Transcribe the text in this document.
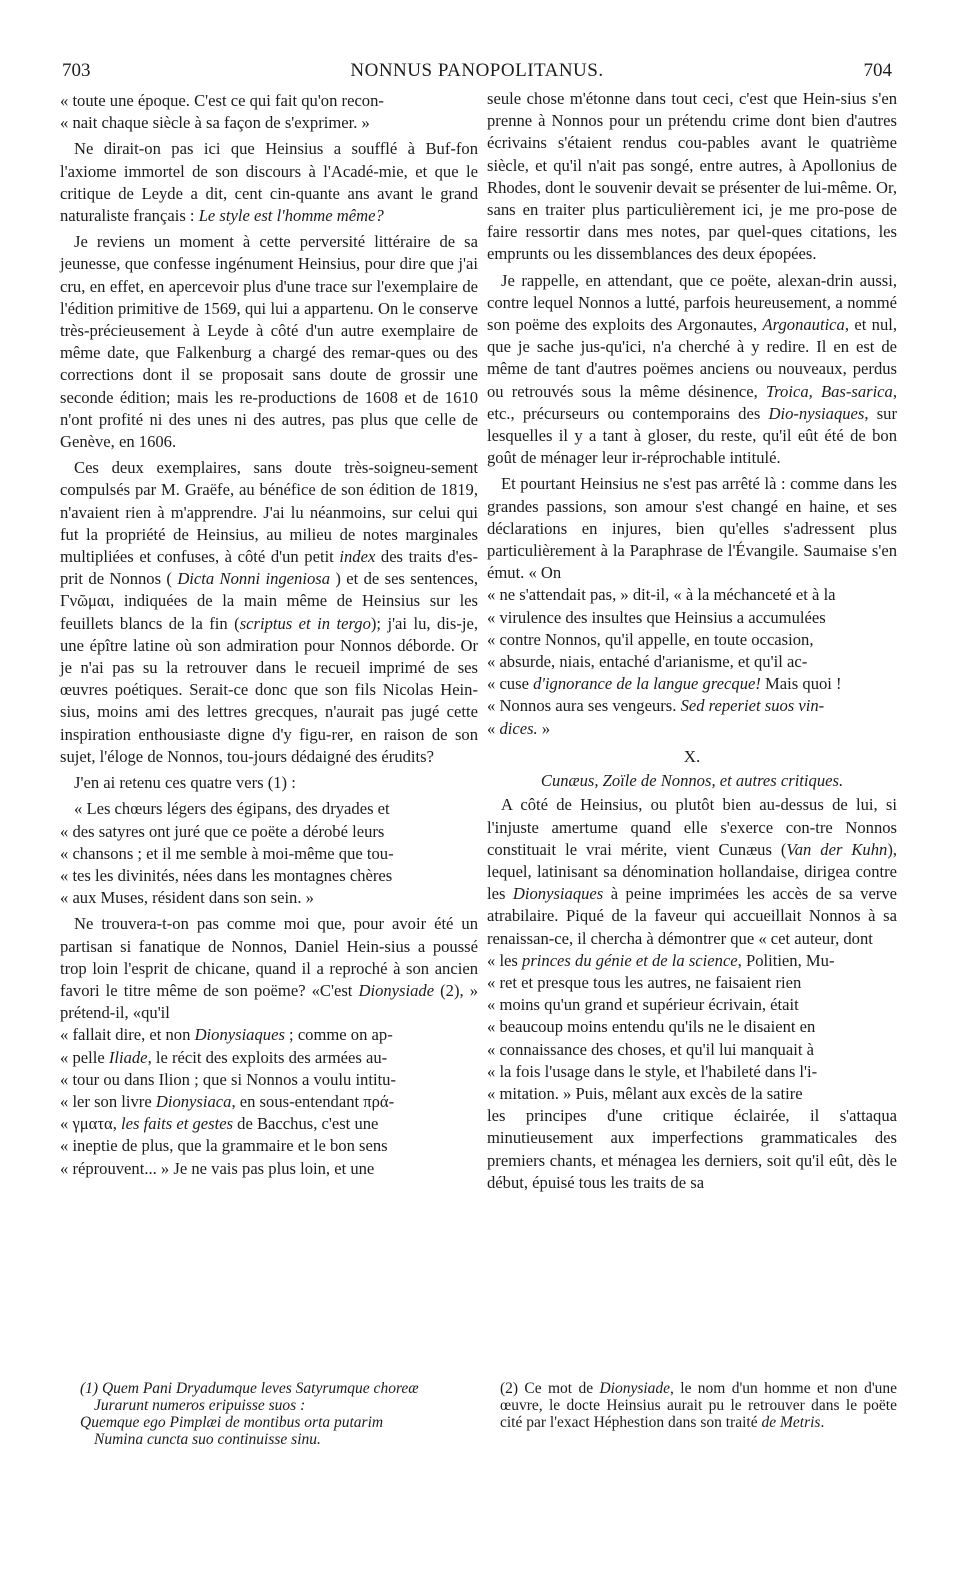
703	NONNUS PANOPOLITANUS.	704
« toute une époque. C'est ce qui fait qu'on recon-
« nait chaque siècle à sa façon de s'exprimer. »

Ne dirait-on pas ici que Heinsius a soufflé à Buf-fon l'axiome immortel de son discours à l'Acadé-mie, et que le critique de Leyde a dit, cent cin-quante ans avant le grand naturaliste français : Le style est l'homme même?

Je reviens un moment à cette perversité littéraire de sa jeunesse, que confesse ingénument Heinsius, pour dire que j'ai cru, en effet, en apercevoir plus d'une trace sur l'exemplaire de l'édition primitive de 1569, qui lui a appartenu. On le conserve très-précieusement à Leyde à côté d'un autre exemplaire de même date, que Falkenburg a chargé des remar-ques ou des corrections dont il se proposait sans doute de grossir une seconde édition; mais les re-productions de 1608 et de 1610 n'ont profité ni des unes ni des autres, pas plus que celle de Genève, en 1606.

Ces deux exemplaires, sans doute très-soigneu-sement compulsés par M. Graëfe, au bénéfice de son édition de 1819, n'avaient rien à m'apprendre. J'ai lu néanmoins, sur celui qui fut la propriété de Heinsius, au milieu de notes marginales multipliées et confuses, à côté d'un petit index des traits d'es-prit de Nonnos ( Dicta Nonni ingeniosa ) et de ses sentences, Γνῶμαι, indiquées de la main même de Heinsius sur les feuillets blancs de la fin (scriptus et in tergo); j'ai lu, dis-je, une épître latine où son admiration pour Nonnos déborde. Or je n'ai pas su la retrouver dans le recueil imprimé de ses œuvres poétiques. Serait-ce donc que son fils Nicolas Hein-sius, moins ami des lettres grecques, n'aurait pas jugé cette inspiration enthousiaste digne d'y figu-rer, en raison de son sujet, l'éloge de Nonnos, tou-jours dédaigné des érudits?

J'en ai retenu ces quatre vers (1) :

« Les chœurs légers des égipans, des dryades et
« des satyres ont juré que ce poëte a dérobé leurs
« chansons ; et il me semble à moi-même que tou-
« tes les divinités, nées dans les montagnes chères
« aux Muses, résident dans son sein. »

Ne trouvera-t-on pas comme moi que, pour avoir été un partisan si fanatique de Nonnos, Daniel Hein-sius a poussé trop loin l'esprit de chicane, quand il a reproché à son ancien favori le titre même de son poëme? «C'est Dionysiade (2), » prétend-il, «qu'il

« fallait dire, et non Dionysiaques ; comme on ap-
« pelle Iliade, le récit des exploits des armées au-
« tour ou dans Ilion ; que si Nonnos a voulu intitu-
« ler son livre Dionysiaca, en sous-entendant πρά-
« γματα, les faits et gestes de Bacchus, c'est une
« ineptie de plus, que la grammaire et le bon sens
« réprouvent... » Je ne vais pas plus loin, et une

seule chose m'étonne dans tout ceci, c'est que Hein-sius s'en prenne à Nonnos pour un prétendu crime dont bien d'autres écrivains s'étaient rendus cou-pables avant le quatrième siècle, et qu'il n'ait pas songé, entre autres, à Apollonius de Rhodes, dont le souvenir devait se présenter de lui-même. Or, sans en traiter plus particulièrement ici, je me pro-pose de faire ressortir dans mes notes, par quel-ques citations, les emprunts ou les dissemblances des deux épopées.

Je rappelle, en attendant, que ce poëte, alexan-drin aussi, contre lequel Nonnos a lutté, parfois heureusement, a nommé son poëme des exploits des Argonautes, Argonautica, et nul, que je sache jus-qu'ici, n'a cherché à y redire. Il en est de même de tant d'autres poëmes anciens ou nouveaux, perdus ou retrouvés sous la même désinence, Troica, Bas-sarica, etc., précurseurs ou contemporains des Dio-nysiaques, sur lesquelles il y a tant à gloser, du reste, qu'il eût été de bon goût de ménager leur ir-réprochable intitulé.

Et pourtant Heinsius ne s'est pas arrêté là : comme dans les grandes passions, son amour s'est changé en haine, et ses déclarations en injures, bien qu'elles s'adressent plus particulièrement à la Paraphrase de l'Évangile. Saumaise s'en émut. « On

« ne s'attendait pas, » dit-il, « à la méchanceté et à la
« virulence des insultes que Heinsius a accumulées
« contre Nonnos, qu'il appelle, en toute occasion,
« absurde, niais, entaché d'arianisme, et qu'il ac-
« cuse d'ignorance de la langue grecque! Mais quoi !
« Nonnos aura ses vengeurs. Sed reperiet suos vin-
« dices. »
X.
Cunæus, Zoïle de Nonnos, et autres critiques.

A côté de Heinsius, ou plutôt bien au-dessus de lui, si l'injuste amertume quand elle s'exerce con-tre Nonnos constituait le vrai mérite, vient Cunæus (Van der Kuhn), lequel, latinisant sa dénomination hollandaise, dirigea contre les Dionysiaques à peine imprimées les accès de sa verve atrabilaire. Piqué de la faveur qui accueillait Nonnos à sa renaissan-ce, il chercha à démontrer que « cet auteur, dont

« les princes du génie et de la science, Politien, Mu-
« ret et presque tous les autres, ne faisaient rien
« moins qu'un grand et supérieur écrivain, était
« beaucoup moins entendu qu'ils ne le disaient en
« connaissance des choses, et qu'il lui manquait à
« la fois l'usage dans le style, et l'habileté dans l'i-
« mitation. » Puis, mêlant aux excès de la satire

les principes d'une critique éclairée, il s'attaqua minutieusement aux imperfections grammaticales des premiers chants, et ménagea les derniers, soit qu'il eût, dès le début, épuisé tous les traits de sa

(1) Quem Pani Dryadumque leves Satyrumque choreæ
Jurarunt numeros eripuisse suos :
Quemque ego Pimplæi de montibus orta putarim
Numina cuncta suo continuisse sinu.
(2) Ce mot de Dionysiade, le nom d'un homme et non d'une œuvre, le docte Heinsius aurait pu le retrouver dans le poëte cité par l'exact Héphestion dans son traité de Metris.
